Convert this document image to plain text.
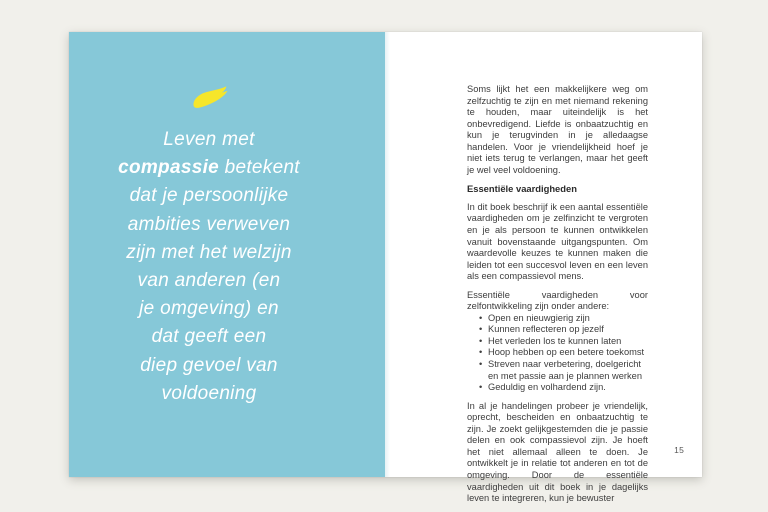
Leven met
compassie betekent
dat je persoonlijke
ambities verweven
zijn met het welzijn
van anderen (en
je omgeving) en
dat geeft een
diep gevoel van
voldoening

Soms lijkt het een makkelijkere weg om zelfzuchtig te zijn en met niemand rekening te houden, maar uiteindelijk is het onbevredigend. Liefde is onbaatzuchtig en kun je terugvinden in je alledaagse handelen. Voor je vriendelijkheid hoef je niet iets terug te verlangen, maar het geeft je wel veel voldoening.

Essentiële vaardigheden

In dit boek beschrijf ik een aantal essentiële vaardigheden om je zelfinzicht te vergroten en je als persoon te kunnen ontwikkelen vanuit bovenstaande uitgangspunten. Om waardevolle keuzes te kunnen maken die leiden tot een succesvol leven en een leven als een compassievol mens.

Essentiële vaardigheden voor zelfontwikkeling zijn onder andere:

• Open en nieuwgierig zijn
• Kunnen reflecteren op jezelf
• Het verleden los te kunnen laten
• Hoop hebben op een betere toekomst
• Streven naar verbetering, doelgericht en met passie aan je plannen werken
• Geduldig en volhardend zijn.

In al je handelingen probeer je vriendelijk, oprecht, bescheiden en onbaatzuchtig te zijn. Je zoekt gelijkgestemden die je passie delen en ook compassievol zijn. Je hoeft het niet allemaal alleen te doen. Je ontwikkelt je in relatie tot anderen en tot de omgeving. Door de essentiële vaardigheden uit dit boek in je dagelijks leven te integreren, kun je bewuster

15
